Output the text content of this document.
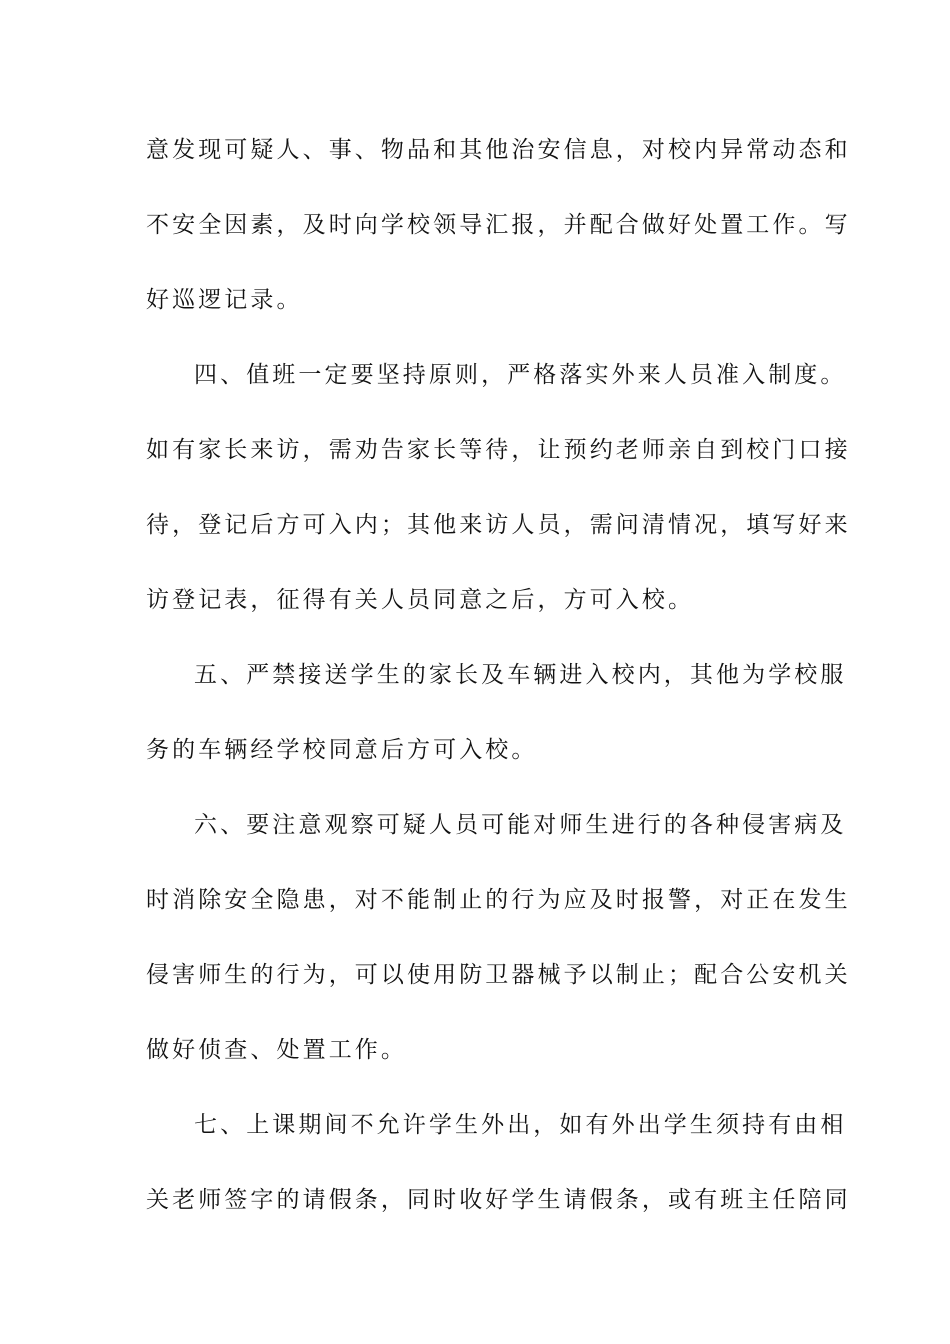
意发现可疑人、事、物品和其他治安信息，对校内异常动态和
不安全因素，及时向学校领导汇报，并配合做好处置工作。写
好巡逻记录。
四、值班一定要坚持原则，严格落实外来人员准入制度。
如有家长来访，需劝告家长等待，让预约老师亲自到校门口接
待，登记后方可入内；其他来访人员，需问清情况，填写好来
访登记表，征得有关人员同意之后，方可入校。
五、严禁接送学生的家长及车辆进入校内，其他为学校服
务的车辆经学校同意后方可入校。
六、要注意观察可疑人员可能对师生进行的各种侵害病及
时消除安全隐患，对不能制止的行为应及时报警，对正在发生
侵害师生的行为，可以使用防卫器械予以制止；配合公安机关
做好侦查、处置工作。
七、上课期间不允许学生外出，如有外出学生须持有由相
关老师签字的请假条，同时收好学生请假条，或有班主任陪同
